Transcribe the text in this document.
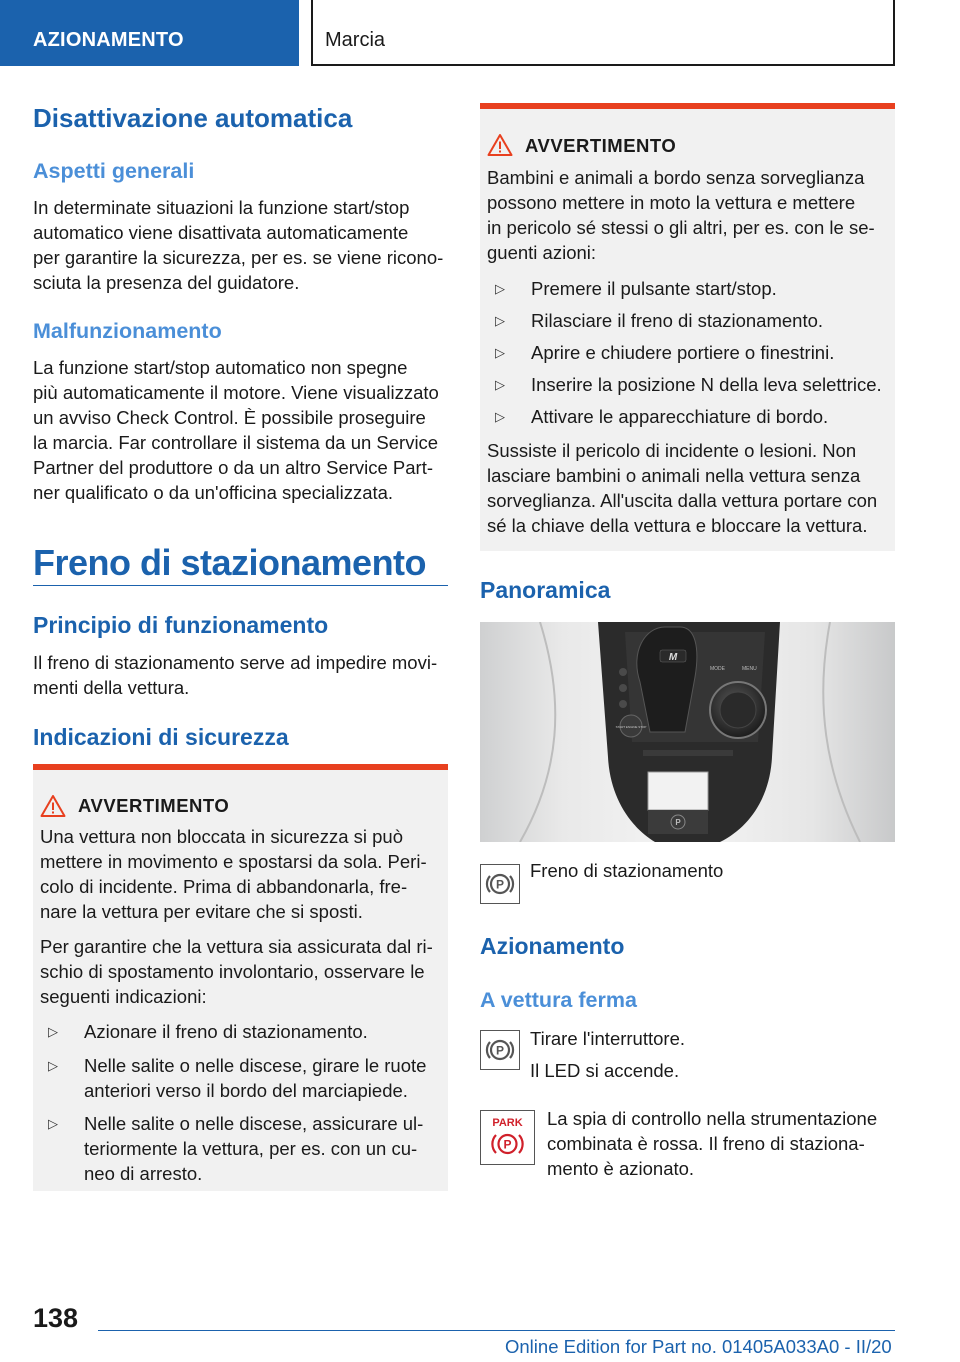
AZIONAMENTO	Marcia
Disattivazione automatica
Aspetti generali
In determinate situazioni la funzione start/stop
automatico viene disattivata automaticamente
per garantire la sicurezza, per es. se viene ricono‐
sciuta la presenza del guidatore.
Malfunzionamento
La funzione start/stop automatico non spegne
più automaticamente il motore. Viene visualizzato
un avviso Check Control. È possibile proseguire
la marcia. Far controllare il sistema da un Service
Partner del produttore o da un altro Service Part‐
ner qualificato o da un'officina specializzata.
Freno di stazionamento
Principio di funzionamento
Il freno di stazionamento serve ad impedire movi‐
menti della vettura.
Indicazioni di sicurezza
AVVERTIMENTO
Una vettura non bloccata in sicurezza si può
mettere in movimento e spostarsi da sola. Peri‐
colo di incidente. Prima di abbandonarla, fre‐
nare la vettura per evitare che si sposti.
Per garantire che la vettura sia assicurata dal ri‐
schio di spostamento involontario, osservare le
seguenti indicazioni:
▷ Azionare il freno di stazionamento.
▷ Nelle salite o nelle discese, girare le ruote
anteriori verso il bordo del marciapiede.
▷ Nelle salite o nelle discese, assicurare ul‐
teriormente la vettura, per es. con un cu‐
neo di arresto.
AVVERTIMENTO
Bambini e animali a bordo senza sorveglianza
possono mettere in moto la vettura e mettere
in pericolo sé stessi o gli altri, per es. con le se‐
guenti azioni:
▷ Premere il pulsante start/stop.
▷ Rilasciare il freno di stazionamento.
▷ Aprire e chiudere portiere o finestrini.
▷ Inserire la posizione N della leva selettrice.
▷ Attivare le apparecchiature di bordo.
Sussiste il pericolo di incidente o lesioni. Non
lasciare bambini o animali nella vettura senza
sorveglianza. All'uscita dalla vettura portare con
sé la chiave della vettura e bloccare la vettura.
Panoramica
M
MODE	MENU
START ENGINE STOP
P
P
Freno di stazionamento
Azionamento
A vettura ferma
P
Tirare l'interruttore.
Il LED si accende.
PARK
P
La spia di controllo nella strumentazione
combinata è rossa. Il freno di staziona‐
mento è azionato.
138
Online Edition for Part no. 01405A033A0 - II/20
